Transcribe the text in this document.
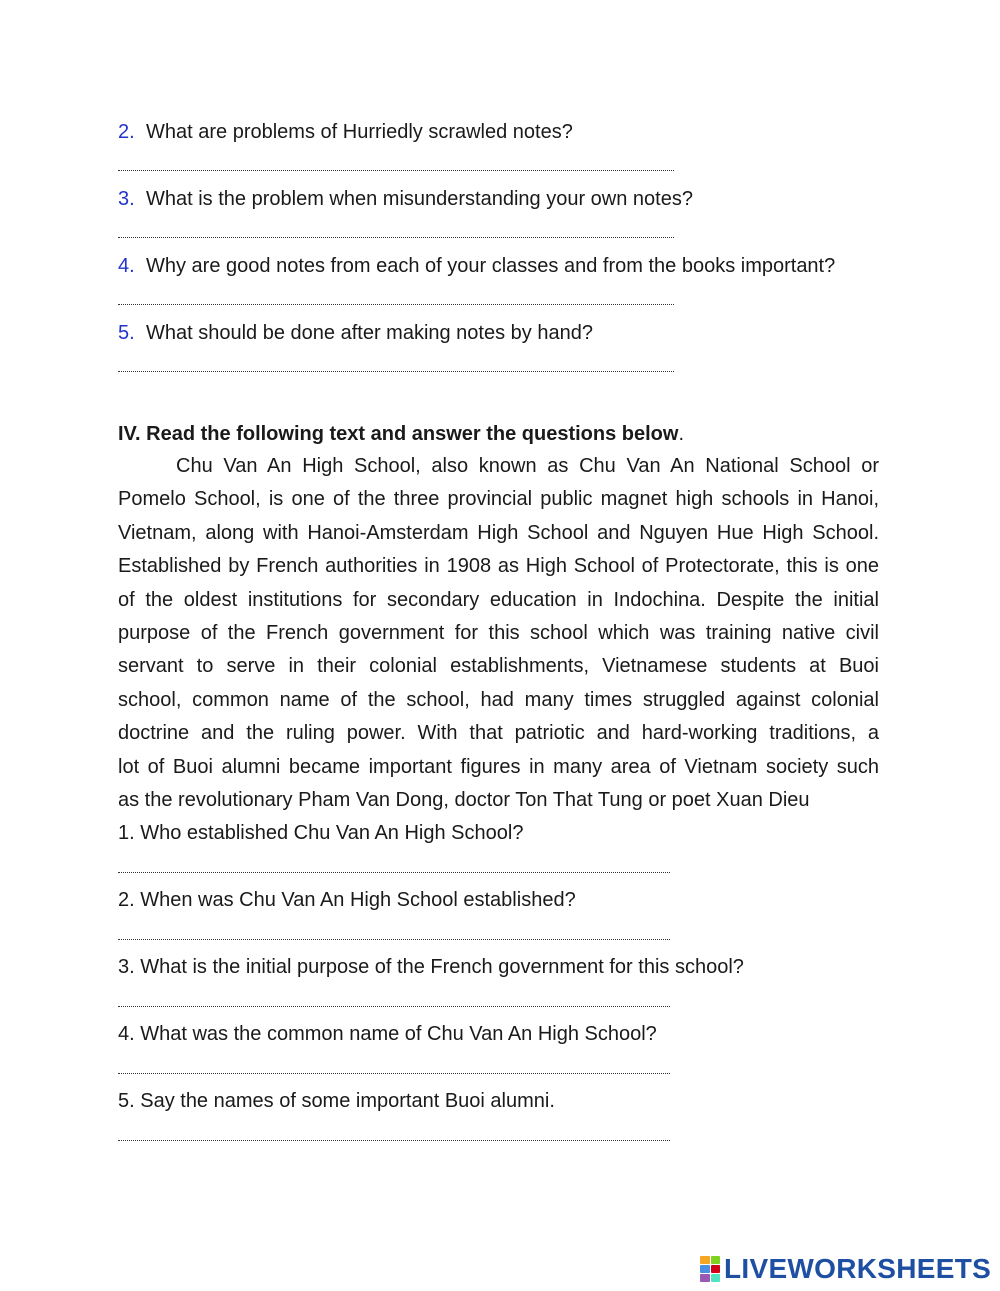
2. What are problems of Hurriedly scrawled notes?
3. What is the problem when misunderstanding your own notes?
4. Why are good notes from each of your classes and from the books important?
5. What should be done after making notes by hand?
IV. Read the following text and answer the questions below.
Chu Van An High School, also known as Chu Van An National School or
Pomelo School, is one of the three provincial public magnet high schools in Hanoi,
Vietnam, along with Hanoi-Amsterdam High School and Nguyen Hue High School.
Established by French authorities in 1908 as High School of Protectorate, this is one
of the oldest institutions for secondary education in Indochina. Despite the initial
purpose of the French government for this school which was training native civil
servant to serve in their colonial establishments, Vietnamese students at Buoi
school, common name of the school, had many times struggled against colonial
doctrine and the ruling power. With that patriotic and hard-working traditions, a
lot of Buoi alumni became important figures in many area of Vietnam society such
as the revolutionary Pham Van Dong, doctor Ton That Tung or poet Xuan Dieu
1. Who established Chu Van An High School?
2. When was Chu Van An High School established?
3. What is the initial purpose of the French government for this school?
4. What was the common name of Chu Van An High School?
5. Say the names of some important Buoi alumni.
LIVEWORKSHEETS
